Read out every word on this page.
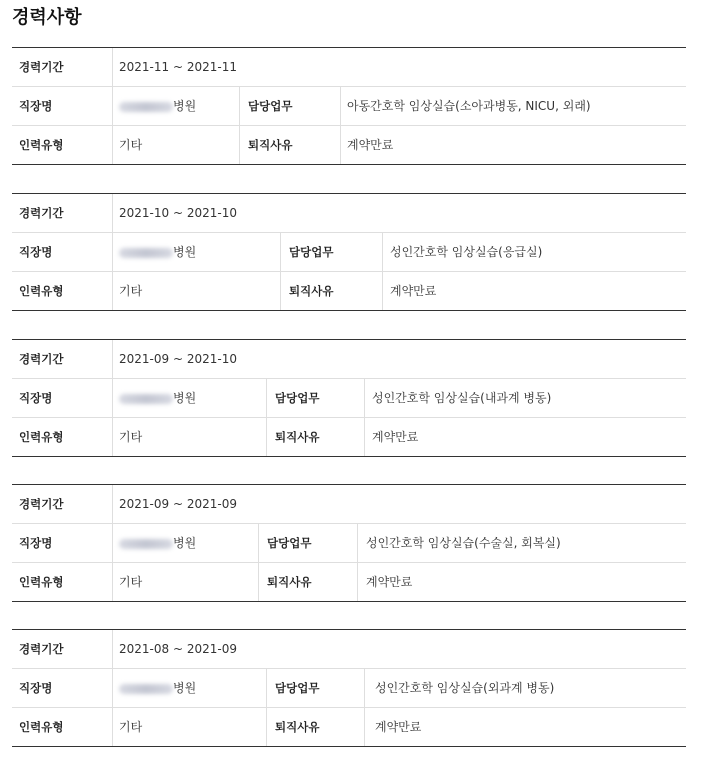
경력사항
경력기간	2021-11 ~ 2021-11
직장명	병원	담당업무	아동간호학 임상실습(소아과병동, NICU, 외래)
인력유형	기타	퇴직사유	계약만료
경력기간	2021-10 ~ 2021-10
직장명	병원	담당업무	성인간호학 임상실습(응급실)
인력유형	기타	퇴직사유	계약만료
경력기간	2021-09 ~ 2021-10
직장명	병원	담당업무	성인간호학 임상실습(내과계 병동)
인력유형	기타	퇴직사유	계약만료
경력기간	2021-09 ~ 2021-09
직장명	병원	담당업무	성인간호학 임상실습(수술실, 회복실)
인력유형	기타	퇴직사유	계약만료
경력기간	2021-08 ~ 2021-09
직장명	병원	담당업무	성인간호학 임상실습(외과계 병동)
인력유형	기타	퇴직사유	계약만료
